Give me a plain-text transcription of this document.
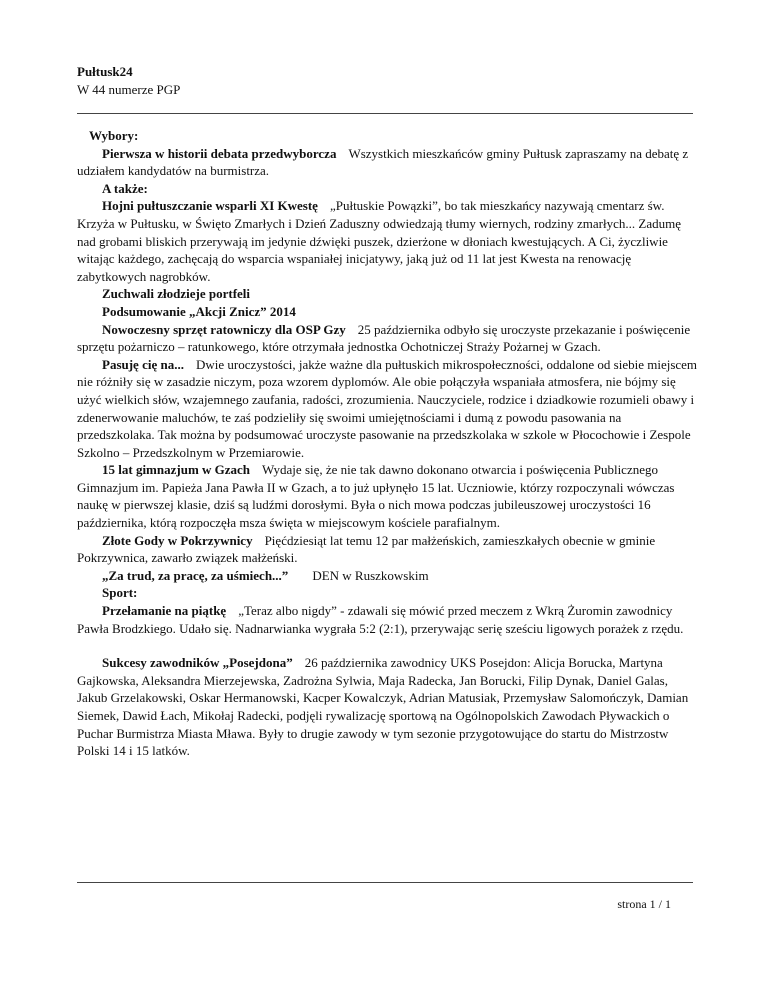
Pułtusk24

W 44 numerze PGP

Wybory:

Pierwsza w historii debata przedwyborcza Wszystkich mieszkańców gminy Pułtusk zapraszamy na debatę z udziałem kandydatów na burmistrza.

A także:

Hojni pułtuszczanie wsparli XI Kwestę „Pułtuskie Powązki”, bo tak mieszkańcy nazywają cmentarz św. Krzyża w Pułtusku, w Święto Zmarłych i Dzień Zaduszny odwiedzają tłumy wiernych, rodziny zmarłych... Zadumę nad grobami bliskich przerywają im jedynie dźwięki puszek, dzierżone w dłoniach kwestujących. A Ci, życzliwie witając każdego, zachęcają do wsparcia wspaniałej inicjatywy, jaką już od 11 lat jest Kwesta na renowację zabytkowych nagrobków.

Zuchwali złodzieje portfeli

Podsumowanie „Akcji Znicz” 2014

Nowoczesny sprzęt ratowniczy dla OSP Gzy 25 października odbyło się uroczyste przekazanie i poświęcenie sprzętu pożarniczo – ratunkowego, które otrzymała jednostka Ochotniczej Straży Pożarnej w Gzach.

Pasuję cię na... Dwie uroczystości, jakże ważne dla pułtuskich mikrospołeczności, oddalone od siebie miejscem nie różniły się w zasadzie niczym, poza wzorem dyplomów. Ale obie połączyła wspaniała atmosfera, nie bójmy się użyć wielkich słów, wzajemnego zaufania, radości, zrozumienia. Nauczyciele, rodzice i dziadkowie rozumieli obawy i zdenerwowanie maluchów, te zaś podzieliły się swoimi umiejętnościami i dumą z powodu pasowania na przedszkolaka. Tak można by podsumować uroczyste pasowanie na przedszkolaka w szkole w Płocochowie i Zespole Szkolno – Przedszkolnym w Przemiarowie.

15 lat gimnazjum w Gzach Wydaje się, że nie tak dawno dokonano otwarcia i poświęcenia Publicznego Gimnazjum im. Papieża Jana Pawła II w Gzach, a to już upłynęło 15 lat. Uczniowie, którzy rozpoczynali wówczas naukę w pierwszej klasie, dziś są ludźmi dorosłymi. Była o nich mowa podczas jubileuszowej uroczystości 16 października, którą rozpoczęła msza święta w miejscowym kościele parafialnym.

Złote Gody w Pokrzywnicy Pięćdziesiąt lat temu 12 par małżeńskich, zamieszkałych obecnie w gminie Pokrzywnica, zawarło związek małżeński.

„Za trud, za pracę, za uśmiech...” DEN w Ruszkowskim

Sport:

Przełamanie na piątkę „Teraz albo nigdy” - zdawali się mówić przed meczem z Wkrą Żuromin zawodnicy Pawła Brodzkiego. Udało się. Nadnarwianka wygrała 5:2 (2:1), przerywając serię sześciu ligowych porażek z rzędu.

Sukcesy zawodników „Posejdona” 26 października zawodnicy UKS Posejdon: Alicja Borucka, Martyna Gajkowska, Aleksandra Mierzejewska, Zadrożna Sylwia, Maja Radecka, Jan Borucki, Filip Dynak, Daniel Galas, Jakub Grzelakowski, Oskar Hermanowski, Kacper Kowalczyk, Adrian Matusiak, Przemysław Salomończyk, Damian Siemek, Dawid Łach, Mikołaj Radecki, podjęli rywalizację sportową na Ogólnopolskich Zawodach Pływackich o Puchar Burmistrza Miasta Mława. Były to drugie zawody w tym sezonie przygotowujące do startu do Mistrzostw Polski 14 i 15 latków.

strona 1 / 1
